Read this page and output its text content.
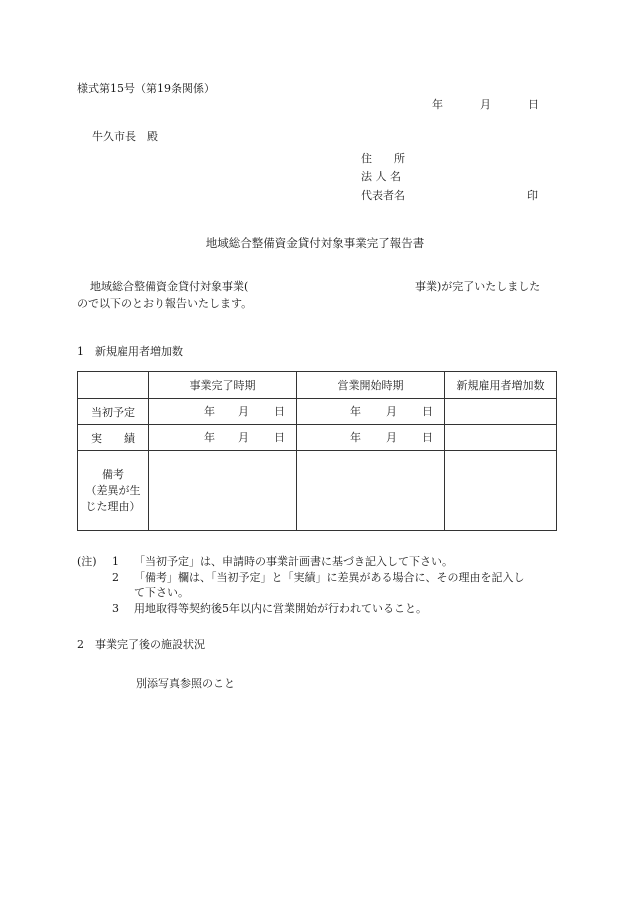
様式第15号（第19条関係）
年	月	日
牛久市長　殿
住　　所
法 人 名
代表者名	印
地域総合整備資金貸付対象事業完了報告書
地域総合整備資金貸付対象事業(	事業)が完了いたしました
ので以下のとおり報告いたします。
1　新規雇用者増加数
	事業完了時期	営業開始時期	新規雇用者増加数
当初予定	年 月 日	年 月 日	

実　　績	年 月 日	年 月 日	

備考
（差異が生
じた理由）			

(注) 1 「当初予定」は、申請時の事業計画書に基づき記入して下さい。
2 「備考」欄は、「当初予定」と「実績」に差異がある場合に、その理由を記入し
て下さい。
3 用地取得等契約後5年以内に営業開始が行われていること。
2　事業完了後の施設状況
別添写真参照のこと
